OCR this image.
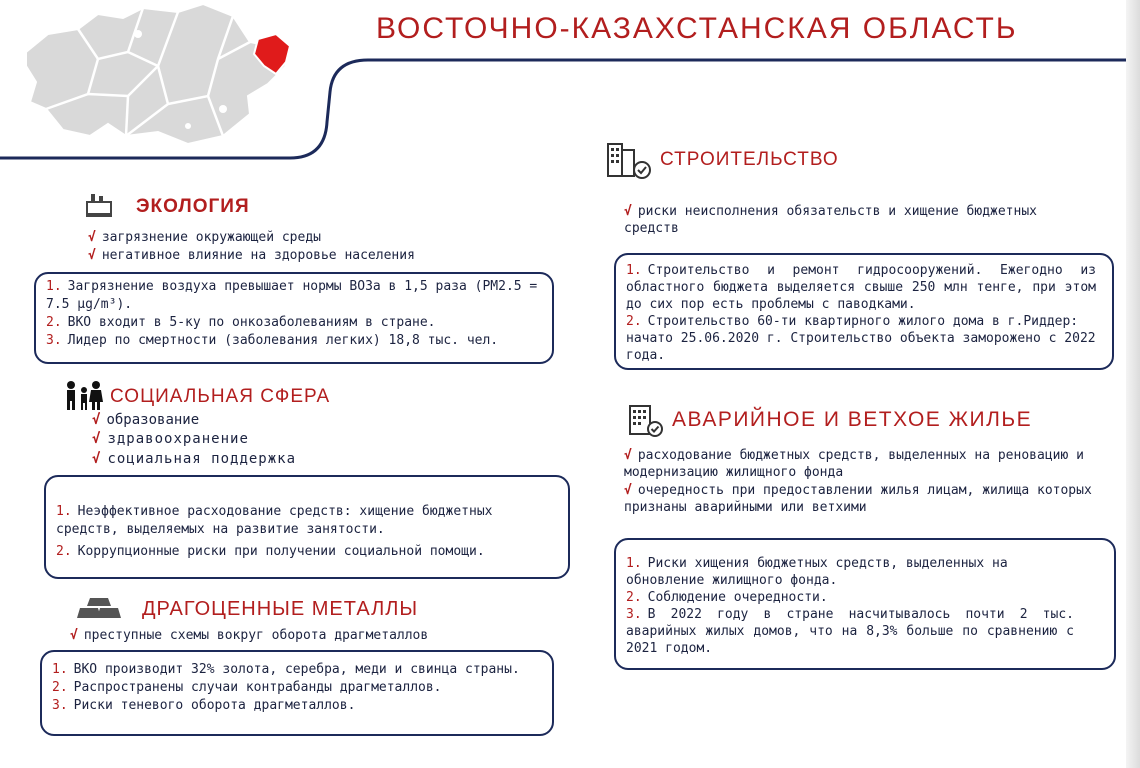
ВОСТОЧНО-КАЗАХСТАНСКАЯ ОБЛАСТЬ
ЭКОЛОГИЯ
√ загрязнение окружающей среды
√ негативное влияние на здоровье населения
1. Загрязнение воздуха превышает нормы ВОЗа в 1,5 раза (PM2.5 = 7.5 μg/m³).
2. ВКО входит в 5-ку по онкозаболеваниям в стране.
3. Лидер по смертности (заболевания легких) 18,8 тыс. чел.
СОЦИАЛЬНАЯ СФЕРА
√ образование
√ здравоохранение
√ социальная поддержка
1. Неэффективное расходование средств: хищение бюджетных средств, выделяемых на развитие занятости.
2. Коррупционные риски при получении социальной помощи.
ДРАГОЦЕННЫЕ МЕТАЛЛЫ
√ преступные схемы вокруг оборота драгметаллов
1. ВКО производит 32% золота, серебра, меди и свинца страны.
2. Распространены случаи контрабанды драгметаллов.
3. Риски теневого оборота драгметаллов.
СТРОИТЕЛЬСТВО
√ риски неисполнения обязательств и хищение бюджетных средств
1. Строительство и ремонт гидросооружений. Ежегодно из областного бюджета выделяется свыше 250 млн тенге, при этом до сих пор есть проблемы с паводками.
2. Строительство 60-ти квартирного жилого дома в г.Риддер: начато 25.06.2020 г. Строительство объекта заморожено с 2022 года.
АВАРИЙНОЕ И ВЕТХОЕ ЖИЛЬЕ
√ расходование бюджетных средств, выделенных на реновацию и модернизацию жилищного фонда
√ очередность при предоставлении жилья лицам, жилища которых признаны аварийными или ветхими
1. Риски хищения бюджетных средств, выделенных на обновление жилищного фонда.
2. Соблюдение очередности.
3. В 2022 году в стране насчитывалось почти 2 тыс. аварийных жилых домов, что на 8,3% больше по сравнению с 2021 годом.
